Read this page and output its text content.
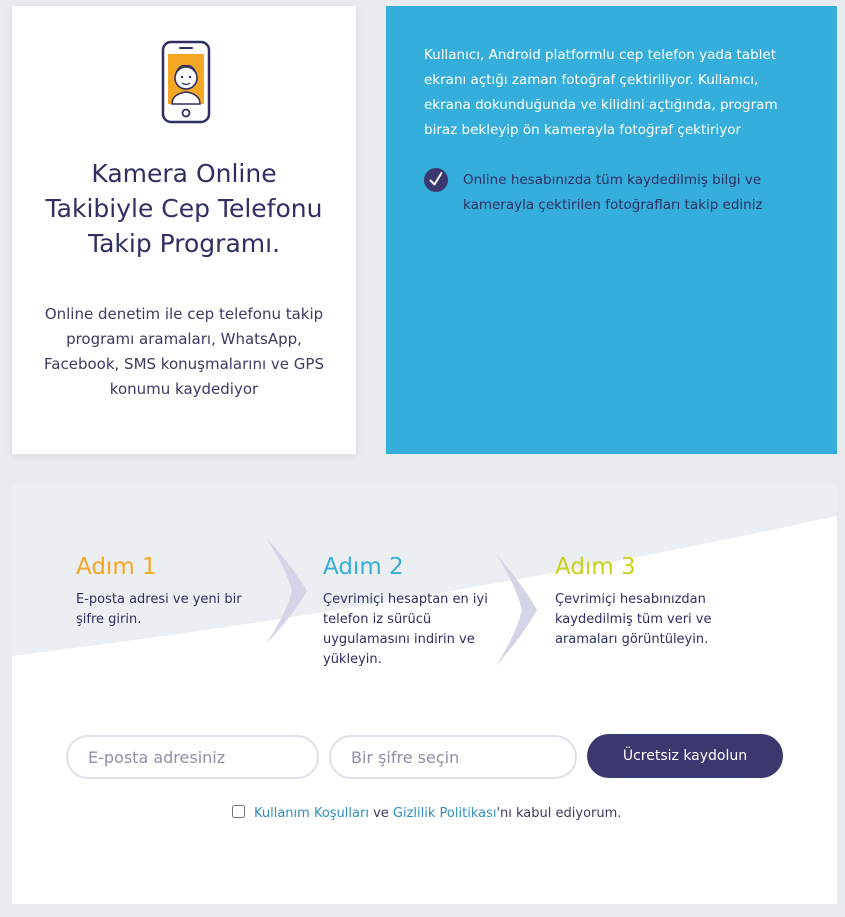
Kamera Online Takibiyle Cep Telefonu Takip Programı.

Online denetim ile cep telefonu takip programı aramaları, WhatsApp, Facebook, SMS konuşmalarını ve GPS konumu kaydediyor

Kullanıcı, Android platformlu cep telefon yada tablet ekranı açtığı zaman fotoğraf çektiriliyor. Kullanıcı, ekrana dokunduğunda ve kilidini açtığında, program biraz bekleyip ön kamerayla fotoğraf çektiriyor

Online hesabınızda tüm kaydedilmiş bilgi ve kamerayla çektirilen fotoğrafları takip ediniz

Adım 1

E-posta adresi ve yeni bir şifre girin.

Adım 2

Çevrimiçi hesaptan en iyi telefon iz sürücü uygulamasını indirin ve yükleyin.

Adım 3

Çevrimiçi hesabınızdan kaydedilmiş tüm veri ve aramaları görüntüleyin.

E-posta adresiniz
Ücretsiz kaydolun
Kullanım Koşulları ve Gizlilik Politikası'nı kabul ediyorum.
